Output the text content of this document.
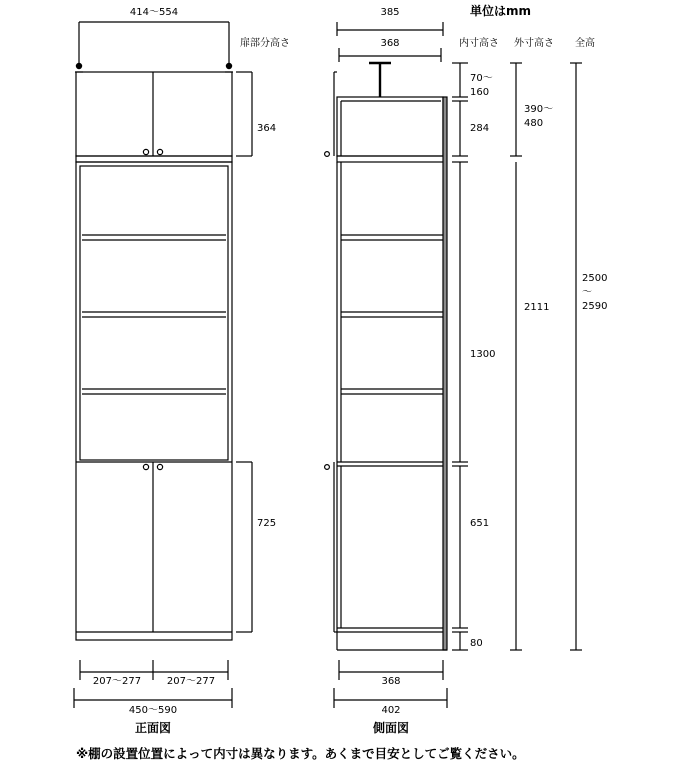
414〜554
扉部分高さ
364
725
207〜277	207〜277
450〜590
正面図
385	単位はmm
368	内寸高さ 外寸高さ 全高
70〜
160
284
1300
651
80
390〜
480
2111
2500
〜
2590
368
402
側面図
※棚の設置位置によって内寸は異なります。あくまで目安としてご覧ください。
